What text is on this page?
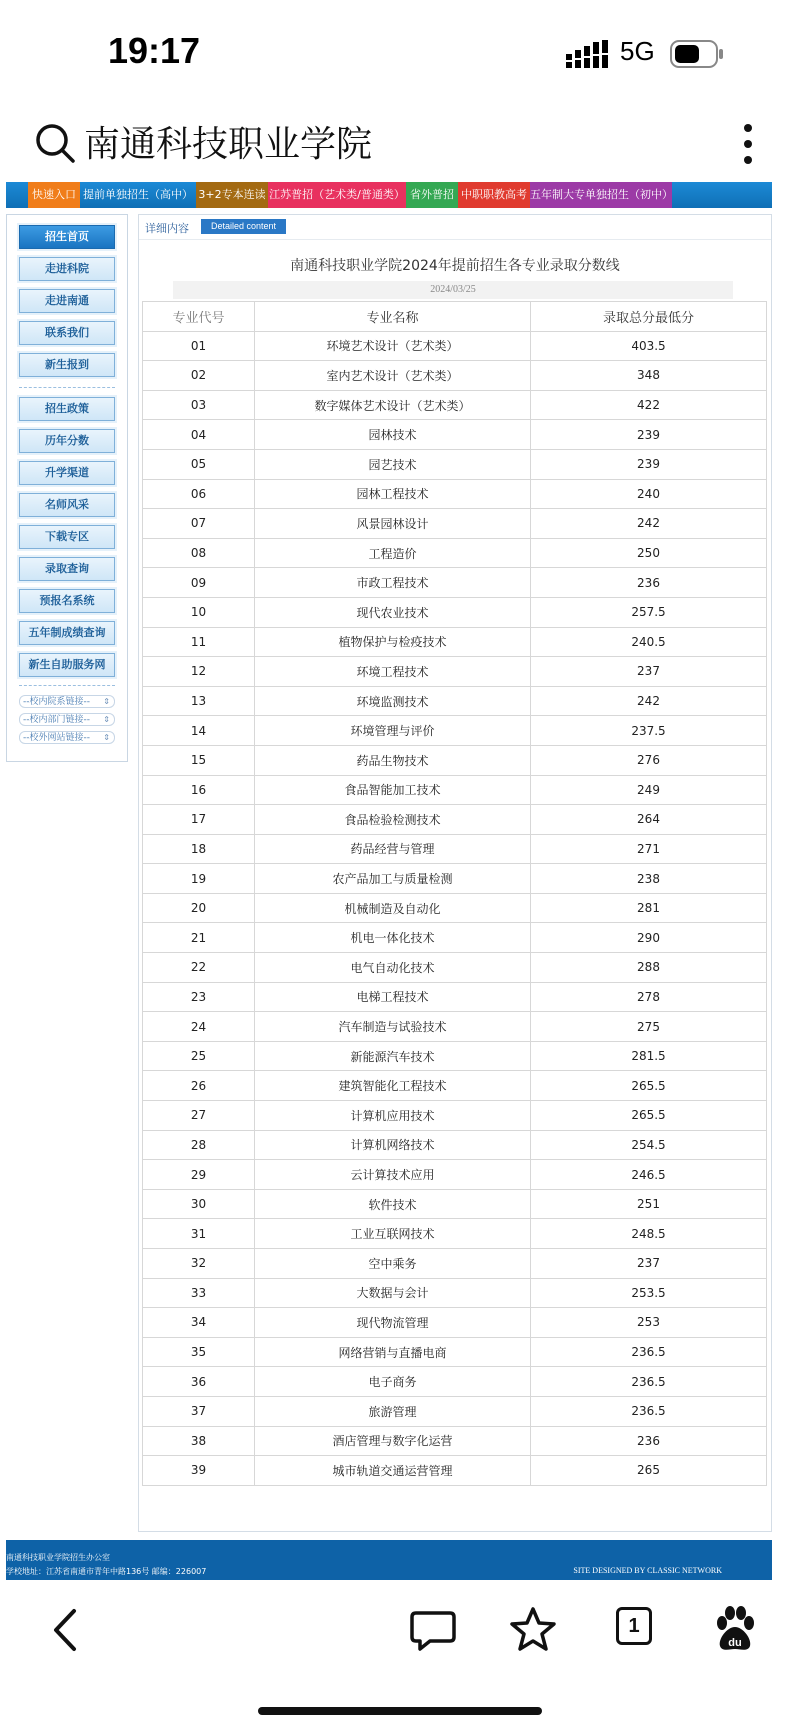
19:17	5G
南通科技职业学院
快速入口 提前单独招生（高中） 3+2专本连读 江苏普招（艺术类/普通类） 省外普招 中职职教高考 五年制大专单独招生（初中）
招生首页
走进科院
走进南通
联系我们
新生报到
招生政策
历年分数
升学渠道
名师风采
下载专区
录取查询
预报名系统
五年制成绩查询
新生自助服务网
--校内院系链接-- ⇕
--校内部门链接-- ⇕
--校外网站链接-- ⇕
详细内容	Detailed content
南通科技职业学院2024年提前招生各专业录取分数线
2024/03/25
专业代号	专业名称	录取总分最低分
01	环境艺术设计（艺术类）	403.5
02	室内艺术设计（艺术类）	348
03	数字媒体艺术设计（艺术类）	422
04	园林技术	239
05	园艺技术	239
06	园林工程技术	240
07	风景园林设计	242
08	工程造价	250
09	市政工程技术	236
10	现代农业技术	257.5
11	植物保护与检疫技术	240.5
12	环境工程技术	237
13	环境监测技术	242
14	环境管理与评价	237.5
15	药品生物技术	276
16	食品智能加工技术	249
17	食品检验检测技术	264
18	药品经营与管理	271
19	农产品加工与质量检测	238
20	机械制造及自动化	281
21	机电一体化技术	290
22	电气自动化技术	288
23	电梯工程技术	278
24	汽车制造与试验技术	275
25	新能源汽车技术	281.5
26	建筑智能化工程技术	265.5
27	计算机应用技术	265.5
28	计算机网络技术	254.5
29	云计算技术应用	246.5
30	软件技术	251
31	工业互联网技术	248.5
32	空中乘务	237
33	大数据与会计	253.5
34	现代物流管理	253
35	网络营销与直播电商	236.5
36	电子商务	236.5
37	旅游管理	236.5
38	酒店管理与数字化运营	236
39	城市轨道交通运营管理	265
南通科技职业学院招生办公室
学校地址：江苏省南通市青年中路136号 邮编：226007	SITE DESIGNED BY CLASSIC NETWORK
1
du
